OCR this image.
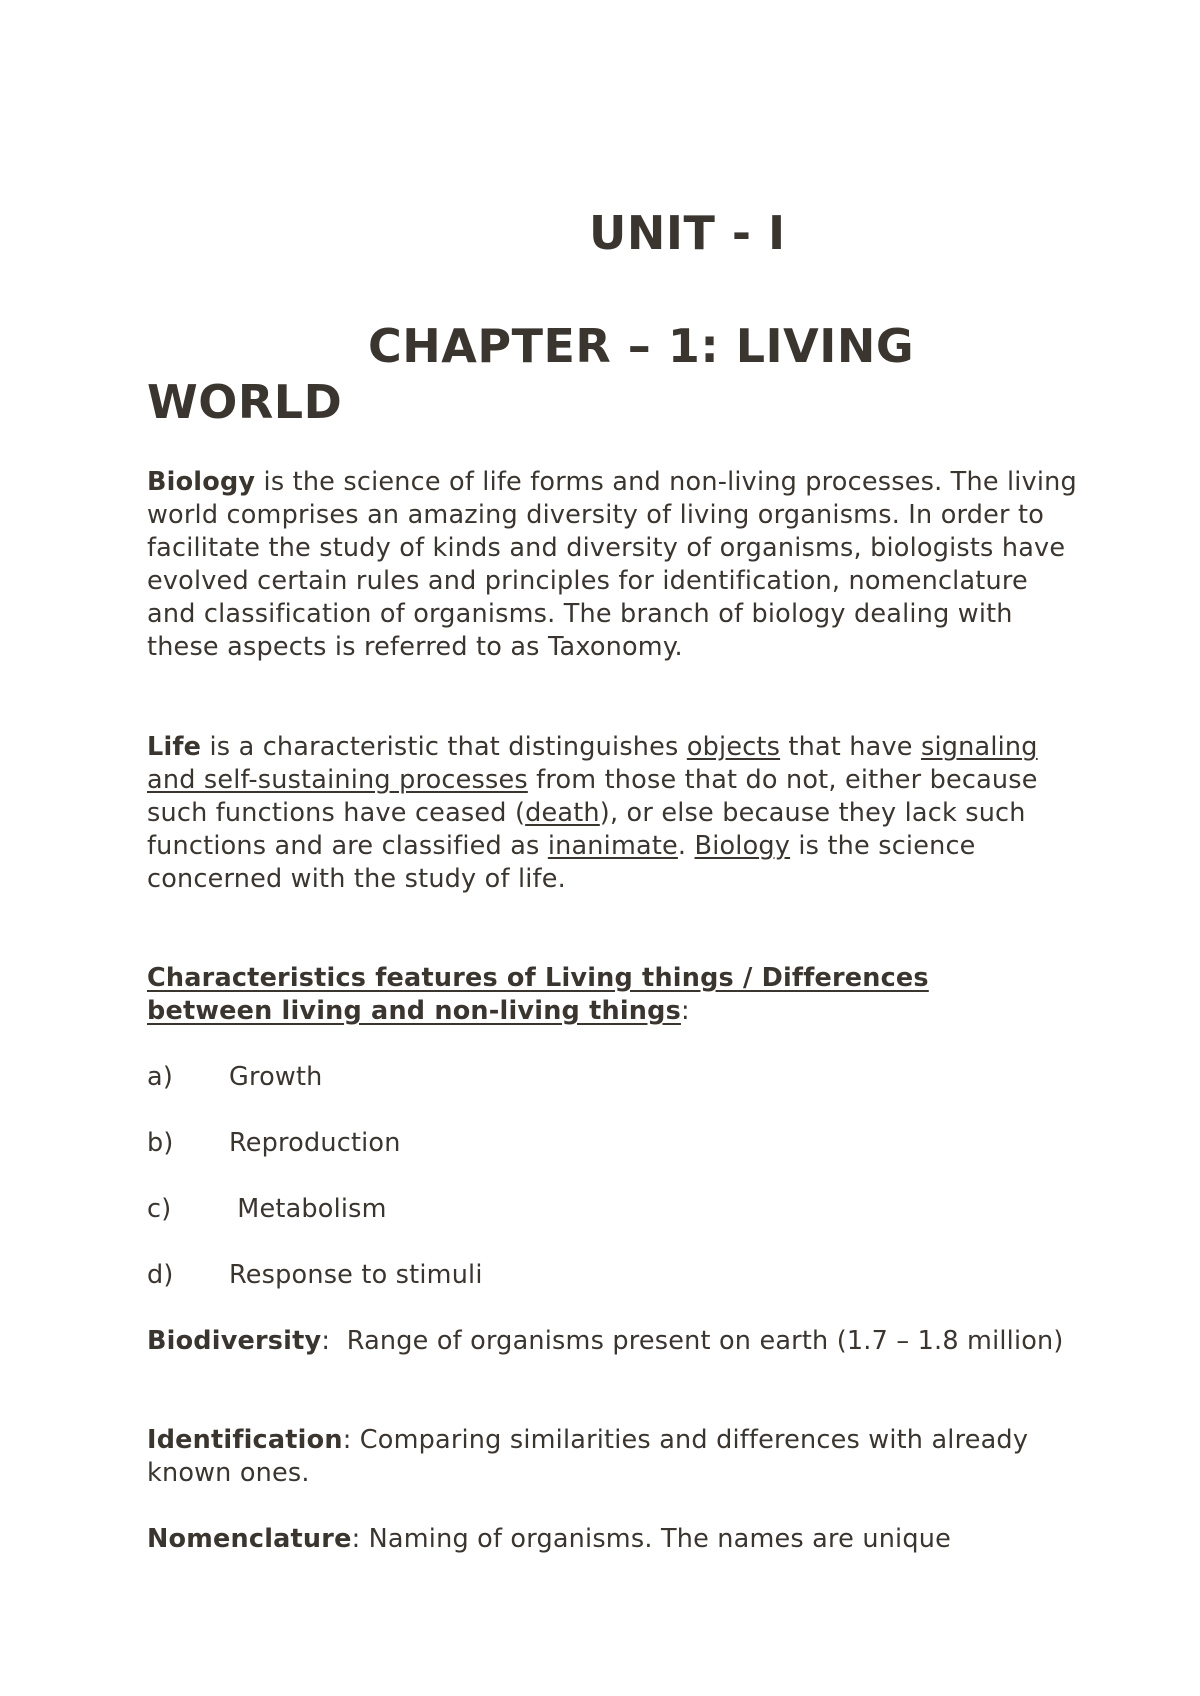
UNIT - I
CHAPTER – 1: LIVING WORLD

Biology is the science of life forms and non-living processes. The living world comprises an amazing diversity of living organisms. In order to facilitate the study of kinds and diversity of organisms, biologists have evolved certain rules and principles for identification, nomenclature and classification of organisms. The branch of biology dealing with these aspects is referred to as Taxonomy.

Life is a characteristic that distinguishes objects that have signaling and self-sustaining processes from those that do not, either because such functions have ceased (death), or else because they lack such functions and are classified as inanimate. Biology is the science concerned with the study of life.

Characteristics features of Living things / Differences between living and non-living things:

a) Growth
b) Reproduction
c) Metabolism
d) Response to stimuli

Biodiversity:  Range of organisms present on earth (1.7 – 1.8 million)

Identification: Comparing similarities and differences with already known ones.

Nomenclature: Naming of organisms. The names are unique
